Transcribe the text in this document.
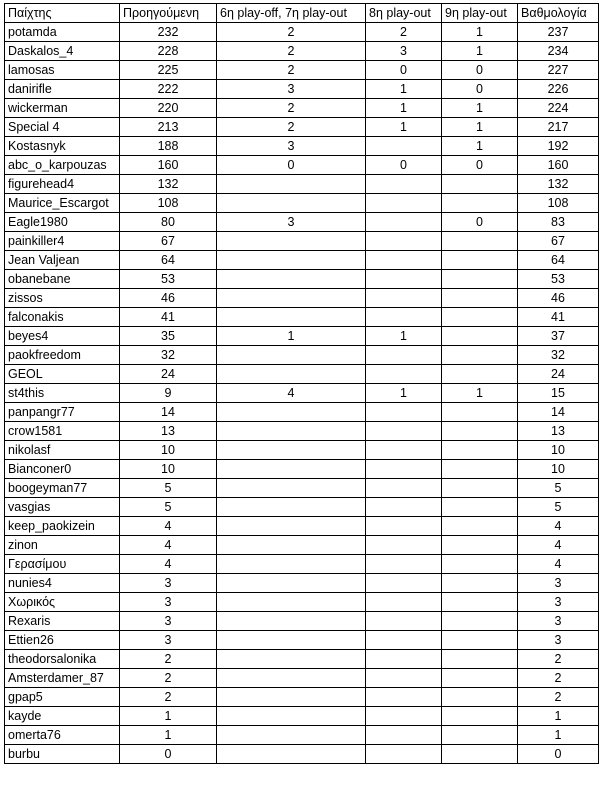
Παίχτης	Προηγούμενη	6η play-off, 7η play-out	8η play-out	9η play-out	Βαθμολογία
potamda	232	2	2	1	237
Daskalos_4	228	2	3	1	234
lamosas	225	2	0	0	227
danirifle	222	3	1	0	226
wickerman	220	2	1	1	224
Special 4	213	2	1	1	217
Kostasnyk	188	3		1	192
abc_o_karpouzas	160	0	0	0	160
figurehead4	132				132
Maurice_Escargot	108				108
Eagle1980	80	3		0	83
painkiller4	67				67
Jean Valjean	64				64
obanebane	53				53
zissos	46				46
falconakis	41				41
beyes4	35	1	1		37
paokfreedom	32				32
GEOL	24				24
st4this	9	4	1	1	15
panpangr77	14				14
crow1581	13				13
nikolasf	10				10
Bianconer0	10				10
boogeyman77	5				5
vasgias	5				5
keep_paokizein	4				4
zinon	4				4
Γερασίμου	4				4
nunies4	3				3
Χωρικός	3				3
Rexaris	3				3
Ettien26	3				3
theodorsalonika	2				2
Amsterdamer_87	2				2
gpap5	2				2
kayde	1				1
omerta76	1				1
burbu	0				0
